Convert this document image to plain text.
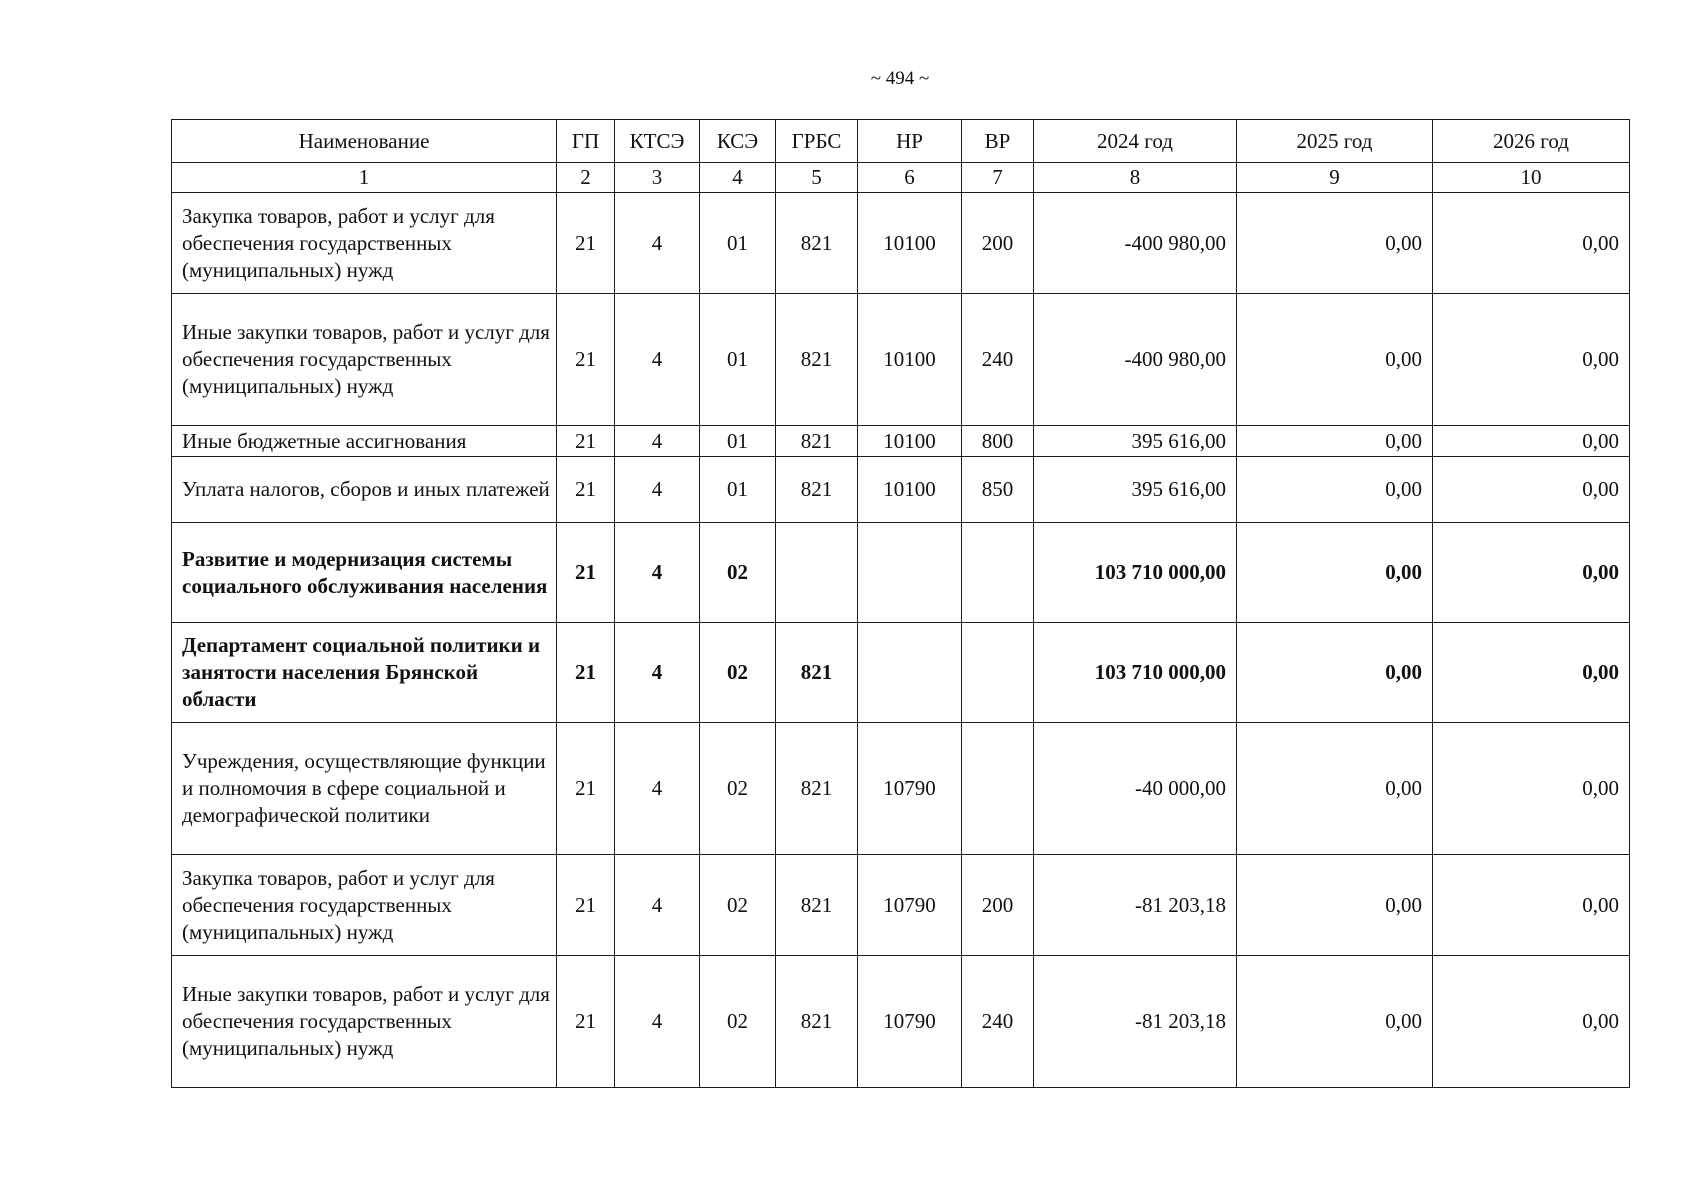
~ 494 ~
Наименование	ГП	КТСЭ	КСЭ	ГРБС	НР	ВР	2024 год	2025 год	2026 год
1	2	3	4	5	6	7	8	9	10
Закупка товаров, работ и услуг для обеспечения государственных (муниципальных) нужд	21	4	01	821	10100	200	-400 980,00	0,00	0,00
Иные закупки товаров, работ и услуг для обеспечения государственных (муниципальных) нужд	21	4	01	821	10100	240	-400 980,00	0,00	0,00
Иные бюджетные ассигнования	21	4	01	821	10100	800	395 616,00	0,00	0,00
Уплата налогов, сборов и иных платежей	21	4	01	821	10100	850	395 616,00	0,00	0,00
Развитие и модернизация системы социального обслуживания населения	21	4	02				103 710 000,00	0,00	0,00
Департамент социальной политики и занятости населения Брянской области	21	4	02	821			103 710 000,00	0,00	0,00
Учреждения, осуществляющие функции и полномочия в сфере социальной и демографической политики	21	4	02	821	10790		-40 000,00	0,00	0,00
Закупка товаров, работ и услуг для обеспечения государственных (муниципальных) нужд	21	4	02	821	10790	200	-81 203,18	0,00	0,00
Иные закупки товаров, работ и услуг для обеспечения государственных (муниципальных) нужд	21	4	02	821	10790	240	-81 203,18	0,00	0,00
